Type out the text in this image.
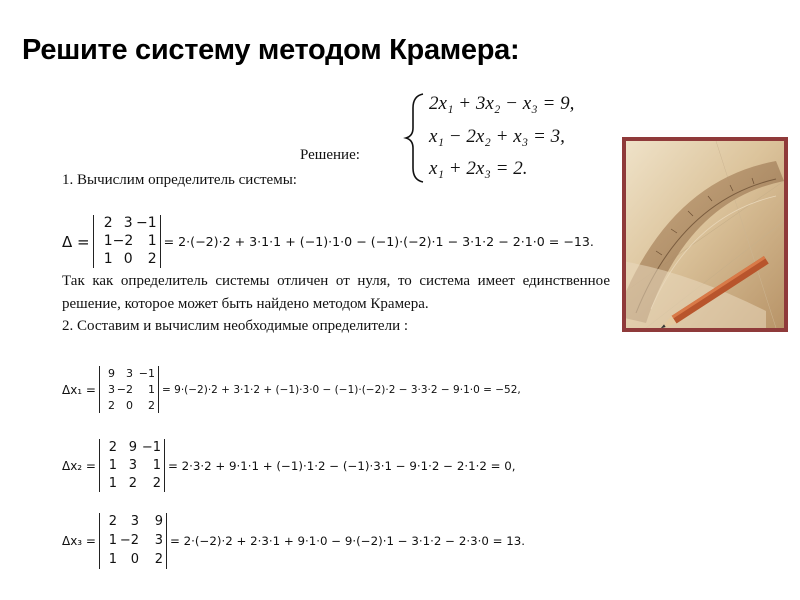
Решите систему методом Крамера:
2x₁ + 3x₂ − x₃ = 9,
x₁ − 2x₂ + x₃ = 3,
x₁ + 2x₃ = 2.
Решение:
1. Вычислим определитель системы:
Δ =
2 3 −1
1 −2	1
1 0	2
= 2·(−2)·2 + 3·1·1 + (−1)·1·0 − (−1)·(−2)·1 − 3·1·2 − 2·1·0 = −13.
Так как определитель системы отличен от нуля, то система имеет единственное решение, которое может быть найдено методом Крамера.
2. Составим и вычислим необходимые определители :
Δx₁ =
9	3 −1
3 −2	1
2	0	2
= 9·(−2)·2 + 3·1·2 + (−1)·3·0 − (−1)·(−2)·2 − 3·3·2 − 9·1·0 = −52,
Δx₂ =
2 9 −1
1 3	1
1 2	2
= 2·3·2 + 9·1·1 + (−1)·1·2 − (−1)·3·1 − 9·1·2 − 2·1·2 = 0,
Δx₃ =
2	3	9
1 −2	3
1	0	2
= 2·(−2)·2 + 2·3·1 + 9·1·0 − 9·(−2)·1 − 3·1·2 − 2·3·0 = 13.
